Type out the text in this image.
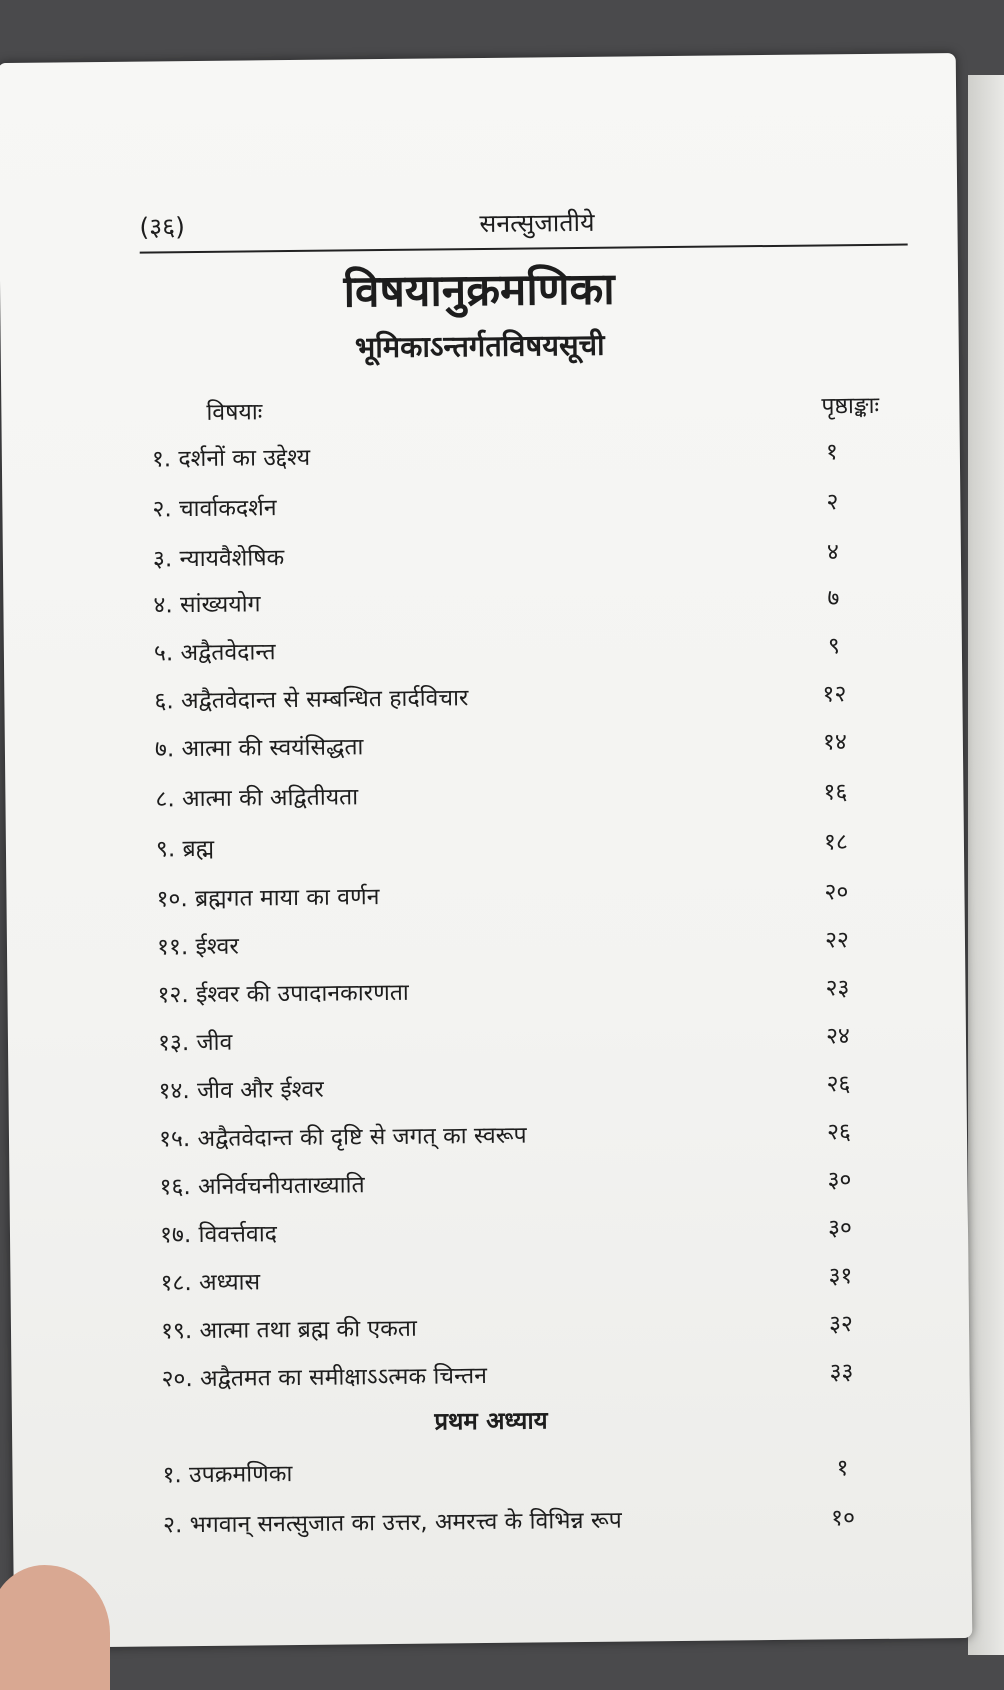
(३६)	सनत्सुजातीये
विषयानुक्रमणिका
भूमिकाऽन्तर्गतविषयसूची
विषयाः	पृष्ठाङ्काः
१. दर्शनों का उद्देश्य	१
२. चार्वाकदर्शन	२
३. न्यायवैशेषिक	४
४. सांख्ययोग	७
५. अद्वैतवेदान्त	९
६. अद्वैतवेदान्त से सम्बन्धित हार्दविचार	१२
७. आत्मा की स्वयंसिद्धता	१४
८. आत्मा की अद्वितीयता	१६
९. ब्रह्म	१८
१०. ब्रह्मगत माया का वर्णन	२०
११. ईश्वर	२२
१२. ईश्वर की उपादानकारणता	२३
१३. जीव	२४
१४. जीव और ईश्वर	२६
१५. अद्वैतवेदान्त की दृष्टि से जगत् का स्वरूप	२६
१६. अनिर्वचनीयताख्याति	३०
१७. विवर्त्तवाद	३०
१८. अध्यास	३१
१९. आत्मा तथा ब्रह्म की एकता	३२
२०. अद्वैतमत का समीक्षाऽऽत्मक चिन्तन	३३
प्रथम अध्याय
१. उपक्रमणिका	१
२. भगवान् सनत्सुजात का उत्तर, अमरत्त्व के विभिन्न रूप	१०
